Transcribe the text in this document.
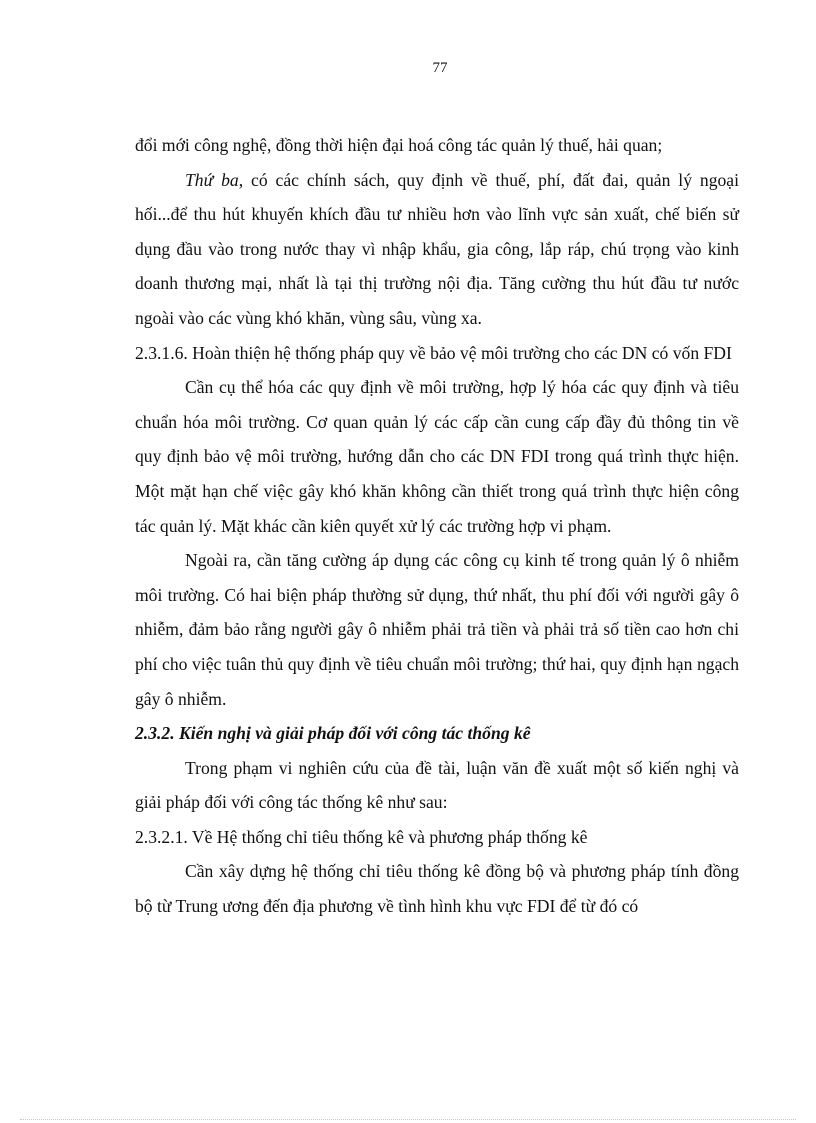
77

đổi mới công nghệ, đồng thời hiện đại hoá công tác quản lý thuế, hải quan;

Thứ ba, có các chính sách, quy định về thuế, phí, đất đai, quản lý ngoại hối...để thu hút khuyến khích đầu tư nhiều hơn vào lĩnh vực sản xuất, chế biến sử dụng đầu vào trong nước thay vì nhập khẩu, gia công, lắp ráp, chú trọng vào kinh doanh thương mại, nhất là tại thị trường nội địa. Tăng cường thu hút đầu tư nước ngoài vào các vùng khó khăn, vùng sâu, vùng xa.

2.3.1.6. Hoàn thiện hệ thống pháp quy về bảo vệ môi trường cho các DN có vốn FDI

Cần cụ thể hóa các quy định về môi trường, hợp lý hóa các quy định và tiêu chuẩn hóa môi trường. Cơ quan quản lý các cấp cần cung cấp đầy đủ thông tin về quy định bảo vệ môi trường, hướng dẫn cho các DN FDI trong quá trình thực hiện. Một mặt hạn chế việc gây khó khăn không cần thiết trong quá trình thực hiện công tác quản lý. Mặt khác cần kiên quyết xử lý các trường hợp vi phạm.

Ngoài ra, cần tăng cường áp dụng các công cụ kinh tế trong quản lý ô nhiễm môi trường. Có hai biện pháp thường sử dụng, thứ nhất, thu phí đối với người gây ô nhiễm, đảm bảo rằng người gây ô nhiễm phải trả tiền và phải trả số tiền cao hơn chi phí cho việc tuân thủ quy định về tiêu chuẩn môi trường; thứ hai, quy định hạn ngạch gây ô nhiễm.

2.3.2. Kiến nghị và giải pháp đối với công tác thống kê

Trong phạm vi nghiên cứu của đề tài, luận văn đề xuất một số kiến nghị và giải pháp đối với công tác thống kê như sau:

2.3.2.1. Về Hệ thống chỉ tiêu thống kê và phương pháp thống kê

Cần xây dựng hệ thống chỉ tiêu thống kê đồng bộ và phương pháp tính đồng bộ từ Trung ương đến địa phương về tình hình khu vực FDI để từ đó có
